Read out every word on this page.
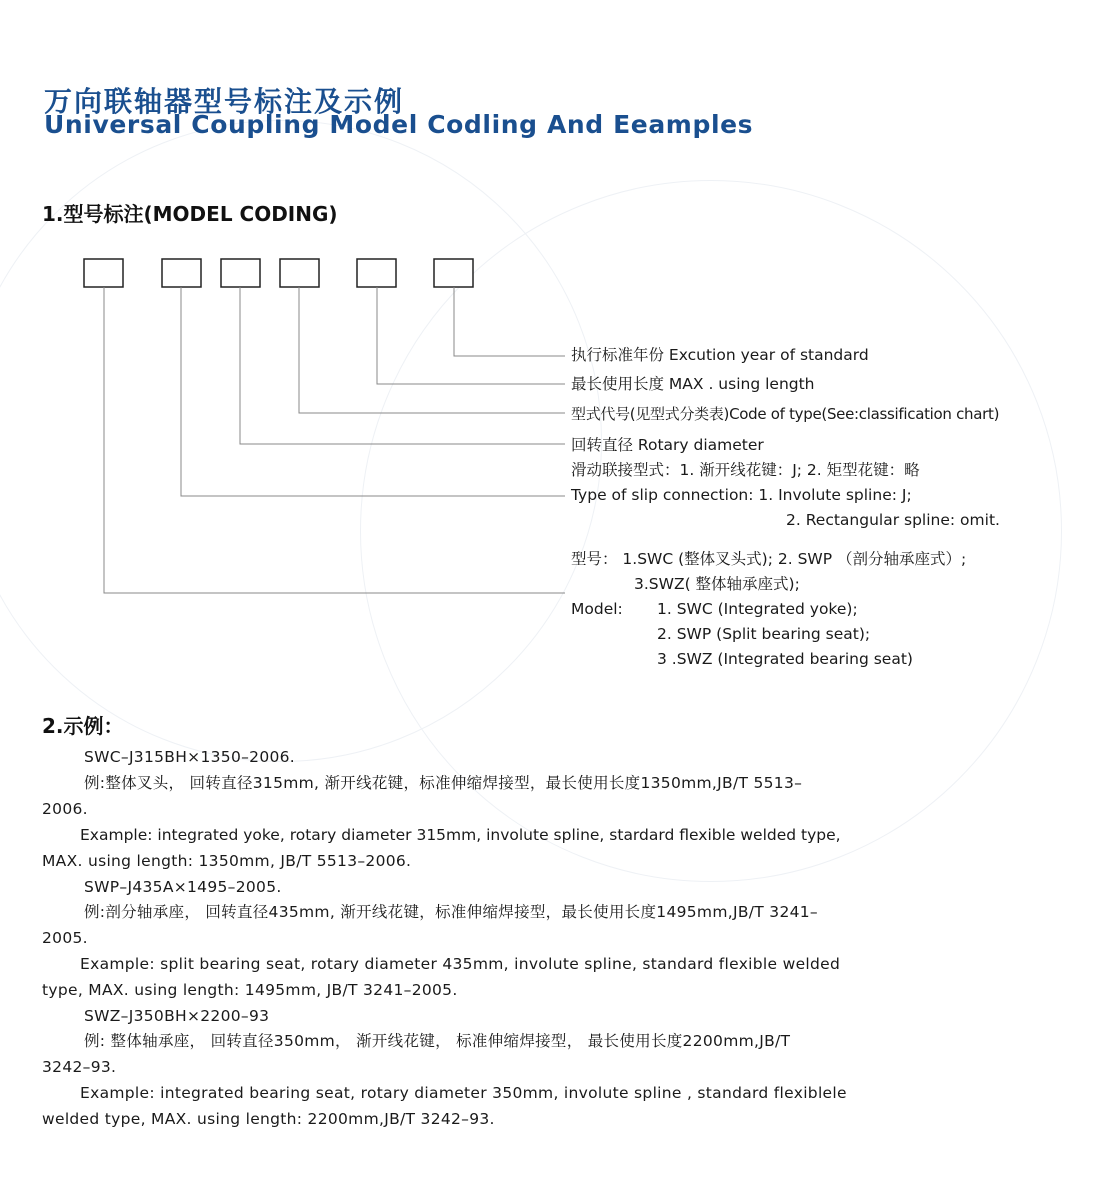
万向联轴器型号标注及示例
Universal Coupling Model Codling And Eeamples
1.型号标注(MODEL CODING)
执行标准年份 Excution year of standard
最长使用长度 MAX . using length
型式代号(见型式分类表)Code of type(See:classification chart)
回转直径 Rotary diameter
滑动联接型式：1. 渐开线花键：J; 2. 矩型花键：略
Type of slip connection: 1. Involute spline: J;
2. Rectangular spline: omit.
型号： 1.SWC (整体叉头式); 2. SWP （剖分轴承座式）;
3.SWZ( 整体轴承座式);
Model: 1. SWC (Integrated yoke);
2. SWP (Split bearing seat);
3 .SWZ (Integrated bearing seat)
2.示例：
SWC–J315BH×1350–2006.
例:整体叉头， 回转直径315mm, 渐开线花键，标准伸缩焊接型，最长使用长度1350mm,JB/T 5513–
2006.
Example: integrated yoke, rotary diameter 315mm, involute spline, stardard flexible welded type,
MAX. using length: 1350mm, JB/T 5513–2006.
SWP–J435A×1495–2005.
例:剖分轴承座， 回转直径435mm, 渐开线花键，标准伸缩焊接型，最长使用长度1495mm,JB/T 3241–
2005.
Example: split bearing seat, rotary diameter 435mm, involute spline, standard flexible welded
type, MAX. using length: 1495mm, JB/T 3241–2005.
SWZ–J350BH×2200–93
例: 整体轴承座， 回转直径350mm， 渐开线花键， 标准伸缩焊接型， 最长使用长度2200mm,JB/T
3242–93.
Example: integrated bearing seat, rotary diameter 350mm, involute spline , standard flexiblele
welded type, MAX. using length: 2200mm,JB/T 3242–93.
